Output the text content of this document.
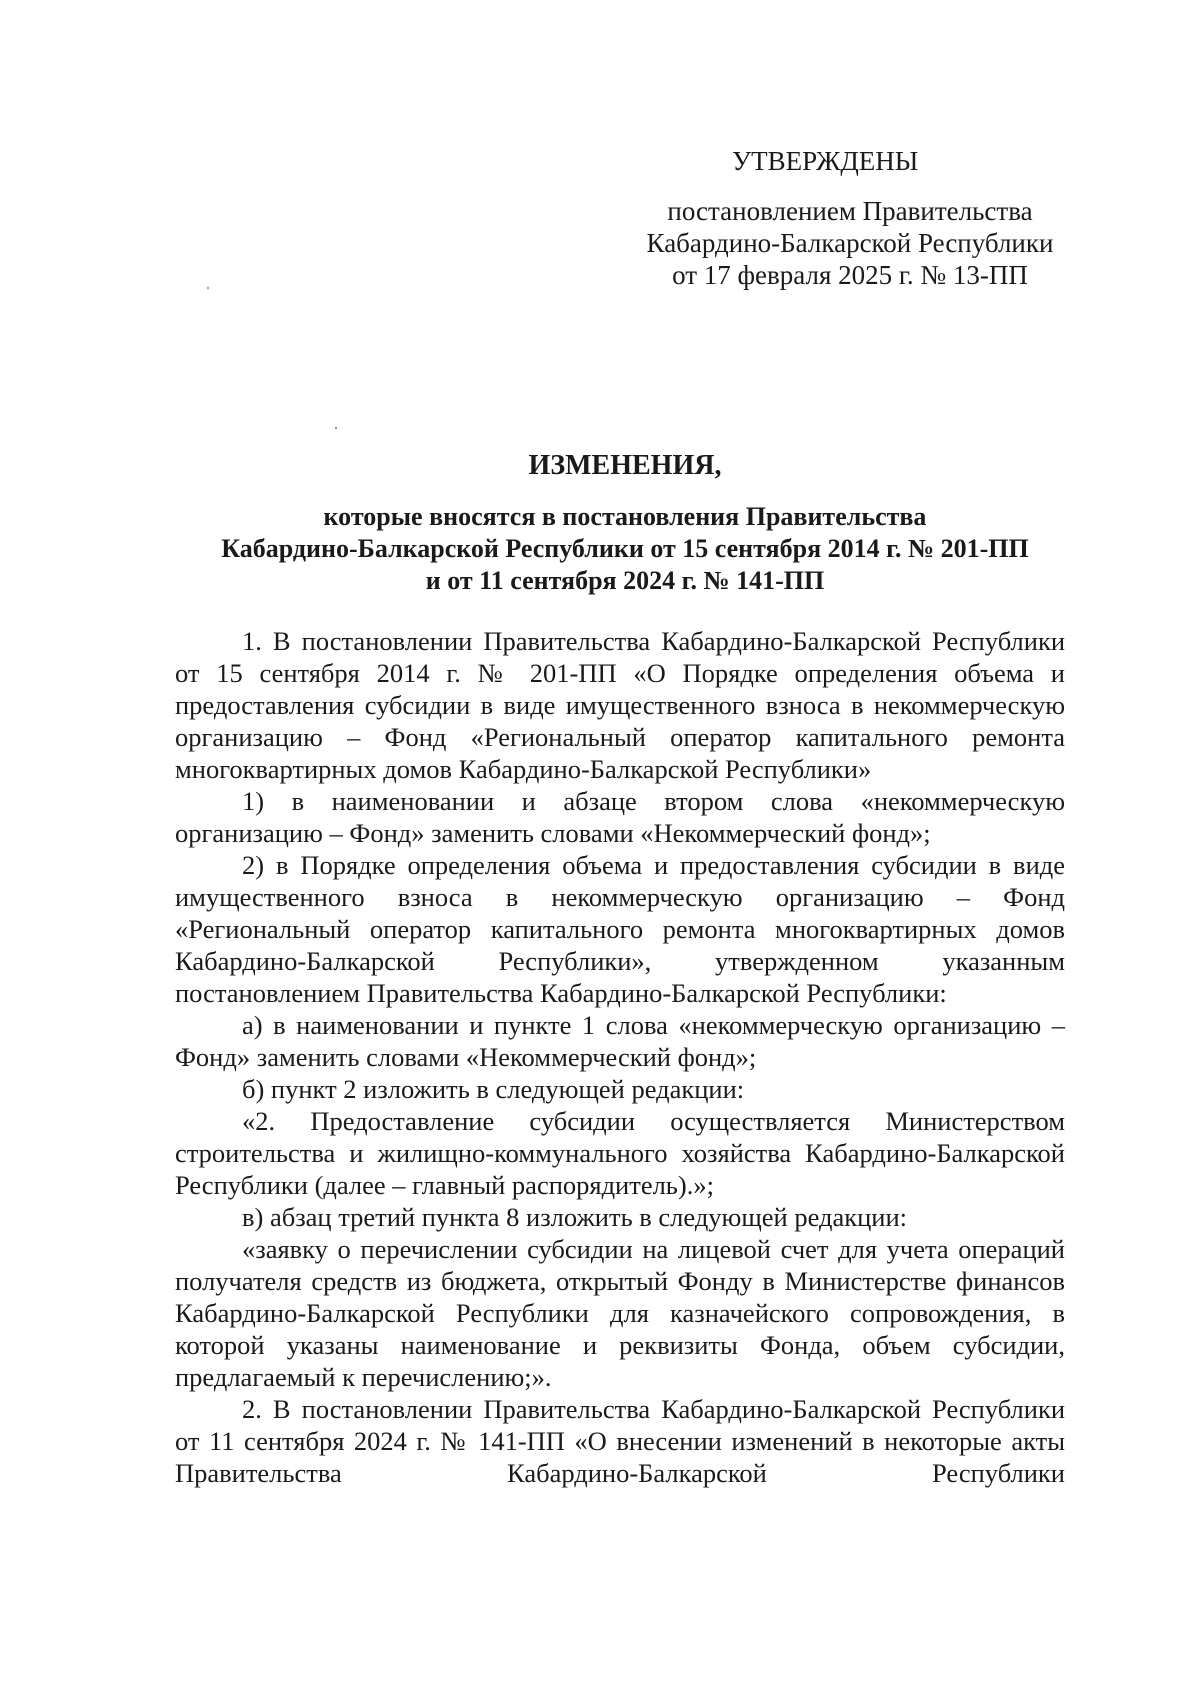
УТВЕРЖДЕНЫ
постановлением Правительства
Кабардино-Балкарской Республики
от 17 февраля 2025 г. № 13-ПП
ИЗМЕНЕНИЯ,
которые вносятся в постановления Правительства
Кабардино-Балкарской Республики от 15 сентября 2014 г. № 201-ПП
и от 11 сентября 2024 г. № 141-ПП

1. В постановлении Правительства Кабардино-Балкарской Республики от 15 сентября 2014 г. № 201-ПП «О Порядке определения объема и предоставления субсидии в виде имущественного взноса в некоммерческую организацию – Фонд «Региональный оператор капитального ремонта многоквартирных домов Кабардино-Балкарской Республики»

1) в наименовании и абзаце втором слова «некоммерческую организацию – Фонд» заменить словами «Некоммерческий фонд»;

2) в Порядке определения объема и предоставления субсидии в виде имущественного взноса в некоммерческую организацию – Фонд «Региональный оператор капитального ремонта многоквартирных домов Кабардино-Балкарской Республики», утвержденном указанным постановлением Правительства Кабардино-Балкарской Республики:

а) в наименовании и пункте 1 слова «некоммерческую организацию – Фонд» заменить словами «Некоммерческий фонд»;

б) пункт 2 изложить в следующей редакции:

«2. Предоставление субсидии осуществляется Министерством строительства и жилищно-коммунального хозяйства Кабардино-Балкарской Республики (далее – главный распорядитель).»;

в) абзац третий пункта 8 изложить в следующей редакции:

«заявку о перечислении субсидии на лицевой счет для учета операций получателя средств из бюджета, открытый Фонду в Министерстве финансов Кабардино-Балкарской Республики для казначейского сопровождения, в которой указаны наименование и реквизиты Фонда, объем субсидии, предлагаемый к перечислению;».

2. В постановлении Правительства Кабардино-Балкарской Республики от 11 сентября 2024 г. № 141-ПП «О внесении изменений в некоторые акты Правительства Кабардино-Балкарской Республики
